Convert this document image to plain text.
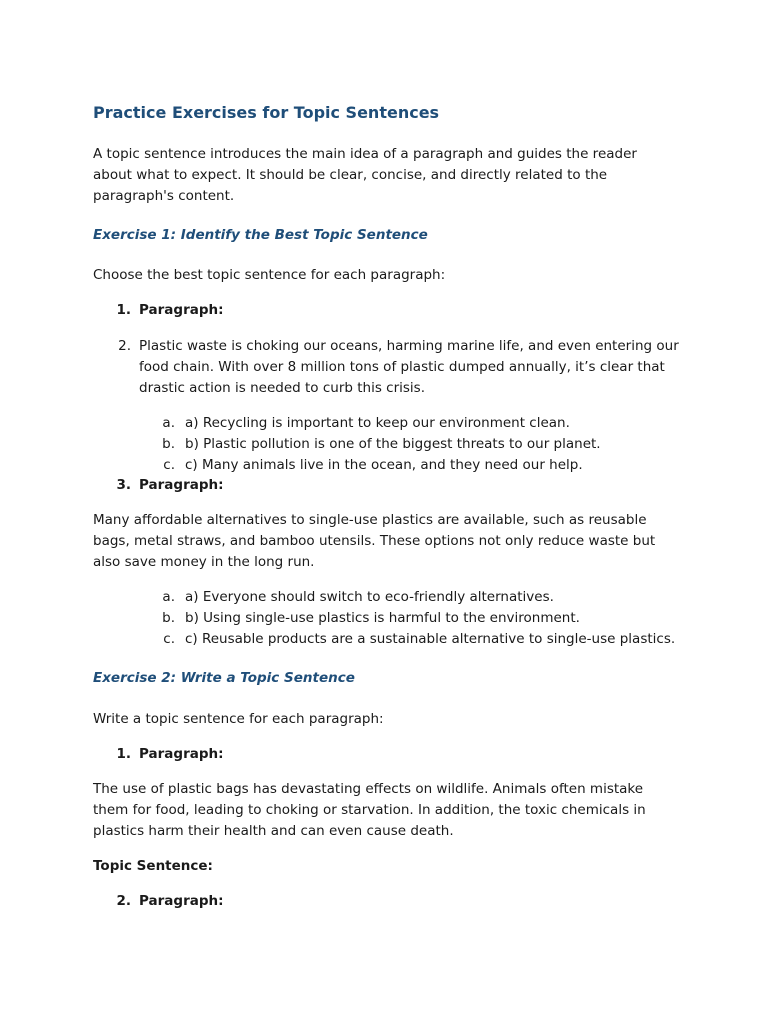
Practice Exercises for Topic Sentences

A topic sentence introduces the main idea of a paragraph and guides the reader about what to expect. It should be clear, concise, and directly related to the paragraph's content.

Exercise 1: Identify the Best Topic Sentence

Choose the best topic sentence for each paragraph:

1. Paragraph:
2. Plastic waste is choking our oceans, harming marine life, and even entering our food chain. With over 8 million tons of plastic dumped annually, it’s clear that drastic action is needed to curb this crisis.
a. a) Recycling is important to keep our environment clean.
b. b) Plastic pollution is one of the biggest threats to our planet.
c. c) Many animals live in the ocean, and they need our help.
3. Paragraph:

Many affordable alternatives to single-use plastics are available, such as reusable bags, metal straws, and bamboo utensils. These options not only reduce waste but also save money in the long run.

a. a) Everyone should switch to eco-friendly alternatives.
b. b) Using single-use plastics is harmful to the environment.
c. c) Reusable products are a sustainable alternative to single-use plastics.
Exercise 2: Write a Topic Sentence

Write a topic sentence for each paragraph:

1. Paragraph:

The use of plastic bags has devastating effects on wildlife. Animals often mistake them for food, leading to choking or starvation. In addition, the toxic chemicals in plastics harm their health and can even cause death.

Topic Sentence:

2. Paragraph:
